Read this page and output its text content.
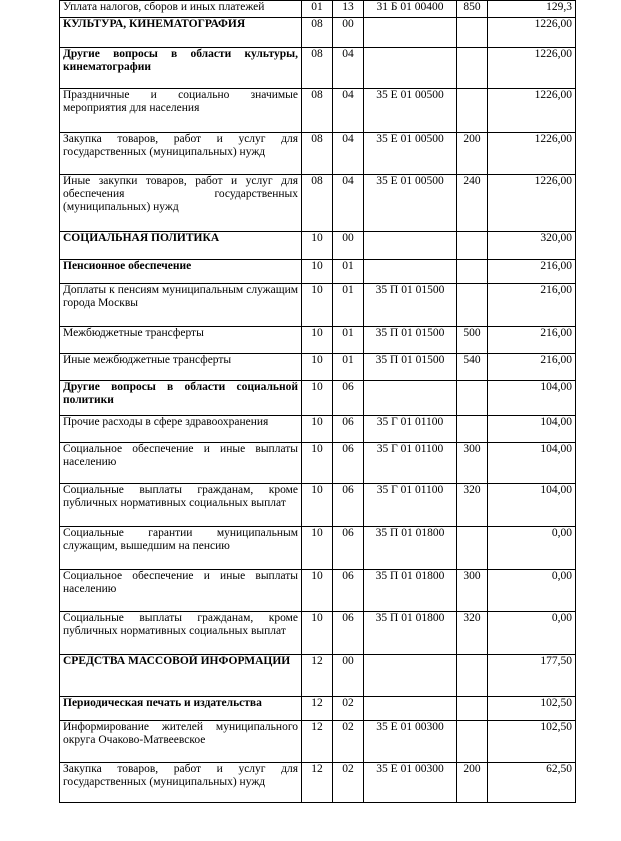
Уплата налогов, сборов и иных платежей	01	13	31 Б 01 00400	850	129,3
КУЛЬТУРА, КИНЕМАТОГРАФИЯ	08	00			1226,00
Другие вопросы в области культуры, кинематографии	08	04			1226,00
Праздничные и социально значимые мероприятия для населения	08	04	35 Е 01 00500		1226,00
Закупка товаров, работ и услуг для государственных (муниципальных) нужд	08	04	35 Е 01 00500	200	1226,00
Иные закупки товаров, работ и услуг для обеспечения государственных (муниципальных) нужд	08	04	35 Е 01 00500	240	1226,00
СОЦИАЛЬНАЯ ПОЛИТИКА	10	00			320,00
Пенсионное обеспечение	10	01			216,00
Доплаты к пенсиям муниципальным служащим города Москвы	10	01	35 П 01 01500		216,00
Межбюджетные трансферты	10	01	35 П 01 01500	500	216,00
Иные межбюджетные трансферты	10	01	35 П 01 01500	540	216,00
Другие вопросы в области социальной политики	10	06			104,00
Прочие расходы в сфере здравоохранения	10	06	35 Г 01 01100		104,00
Социальное обеспечение и иные выплаты населению	10	06	35 Г 01 01100	300	104,00
Социальные выплаты гражданам, кроме публичных нормативных социальных выплат	10	06	35 Г 01 01100	320	104,00
Социальные гарантии муниципальным служащим, вышедшим на пенсию	10	06	35 П 01 01800		0,00
Социальное обеспечение и иные выплаты населению	10	06	35 П 01 01800	300	0,00
Социальные выплаты гражданам, кроме публичных нормативных социальных выплат	10	06	35 П 01 01800	320	0,00
СРЕДСТВА МАССОВОЙ ИНФОРМАЦИИ	12	00			177,50
Периодическая печать и издательства	12	02			102,50
Информирование жителей муниципального округа Очаково-Матвеевское	12	02	35 Е 01 00300		102,50
Закупка товаров, работ и услуг для государственных (муниципальных) нужд	12	02	35 Е 01 00300	200	62,50
